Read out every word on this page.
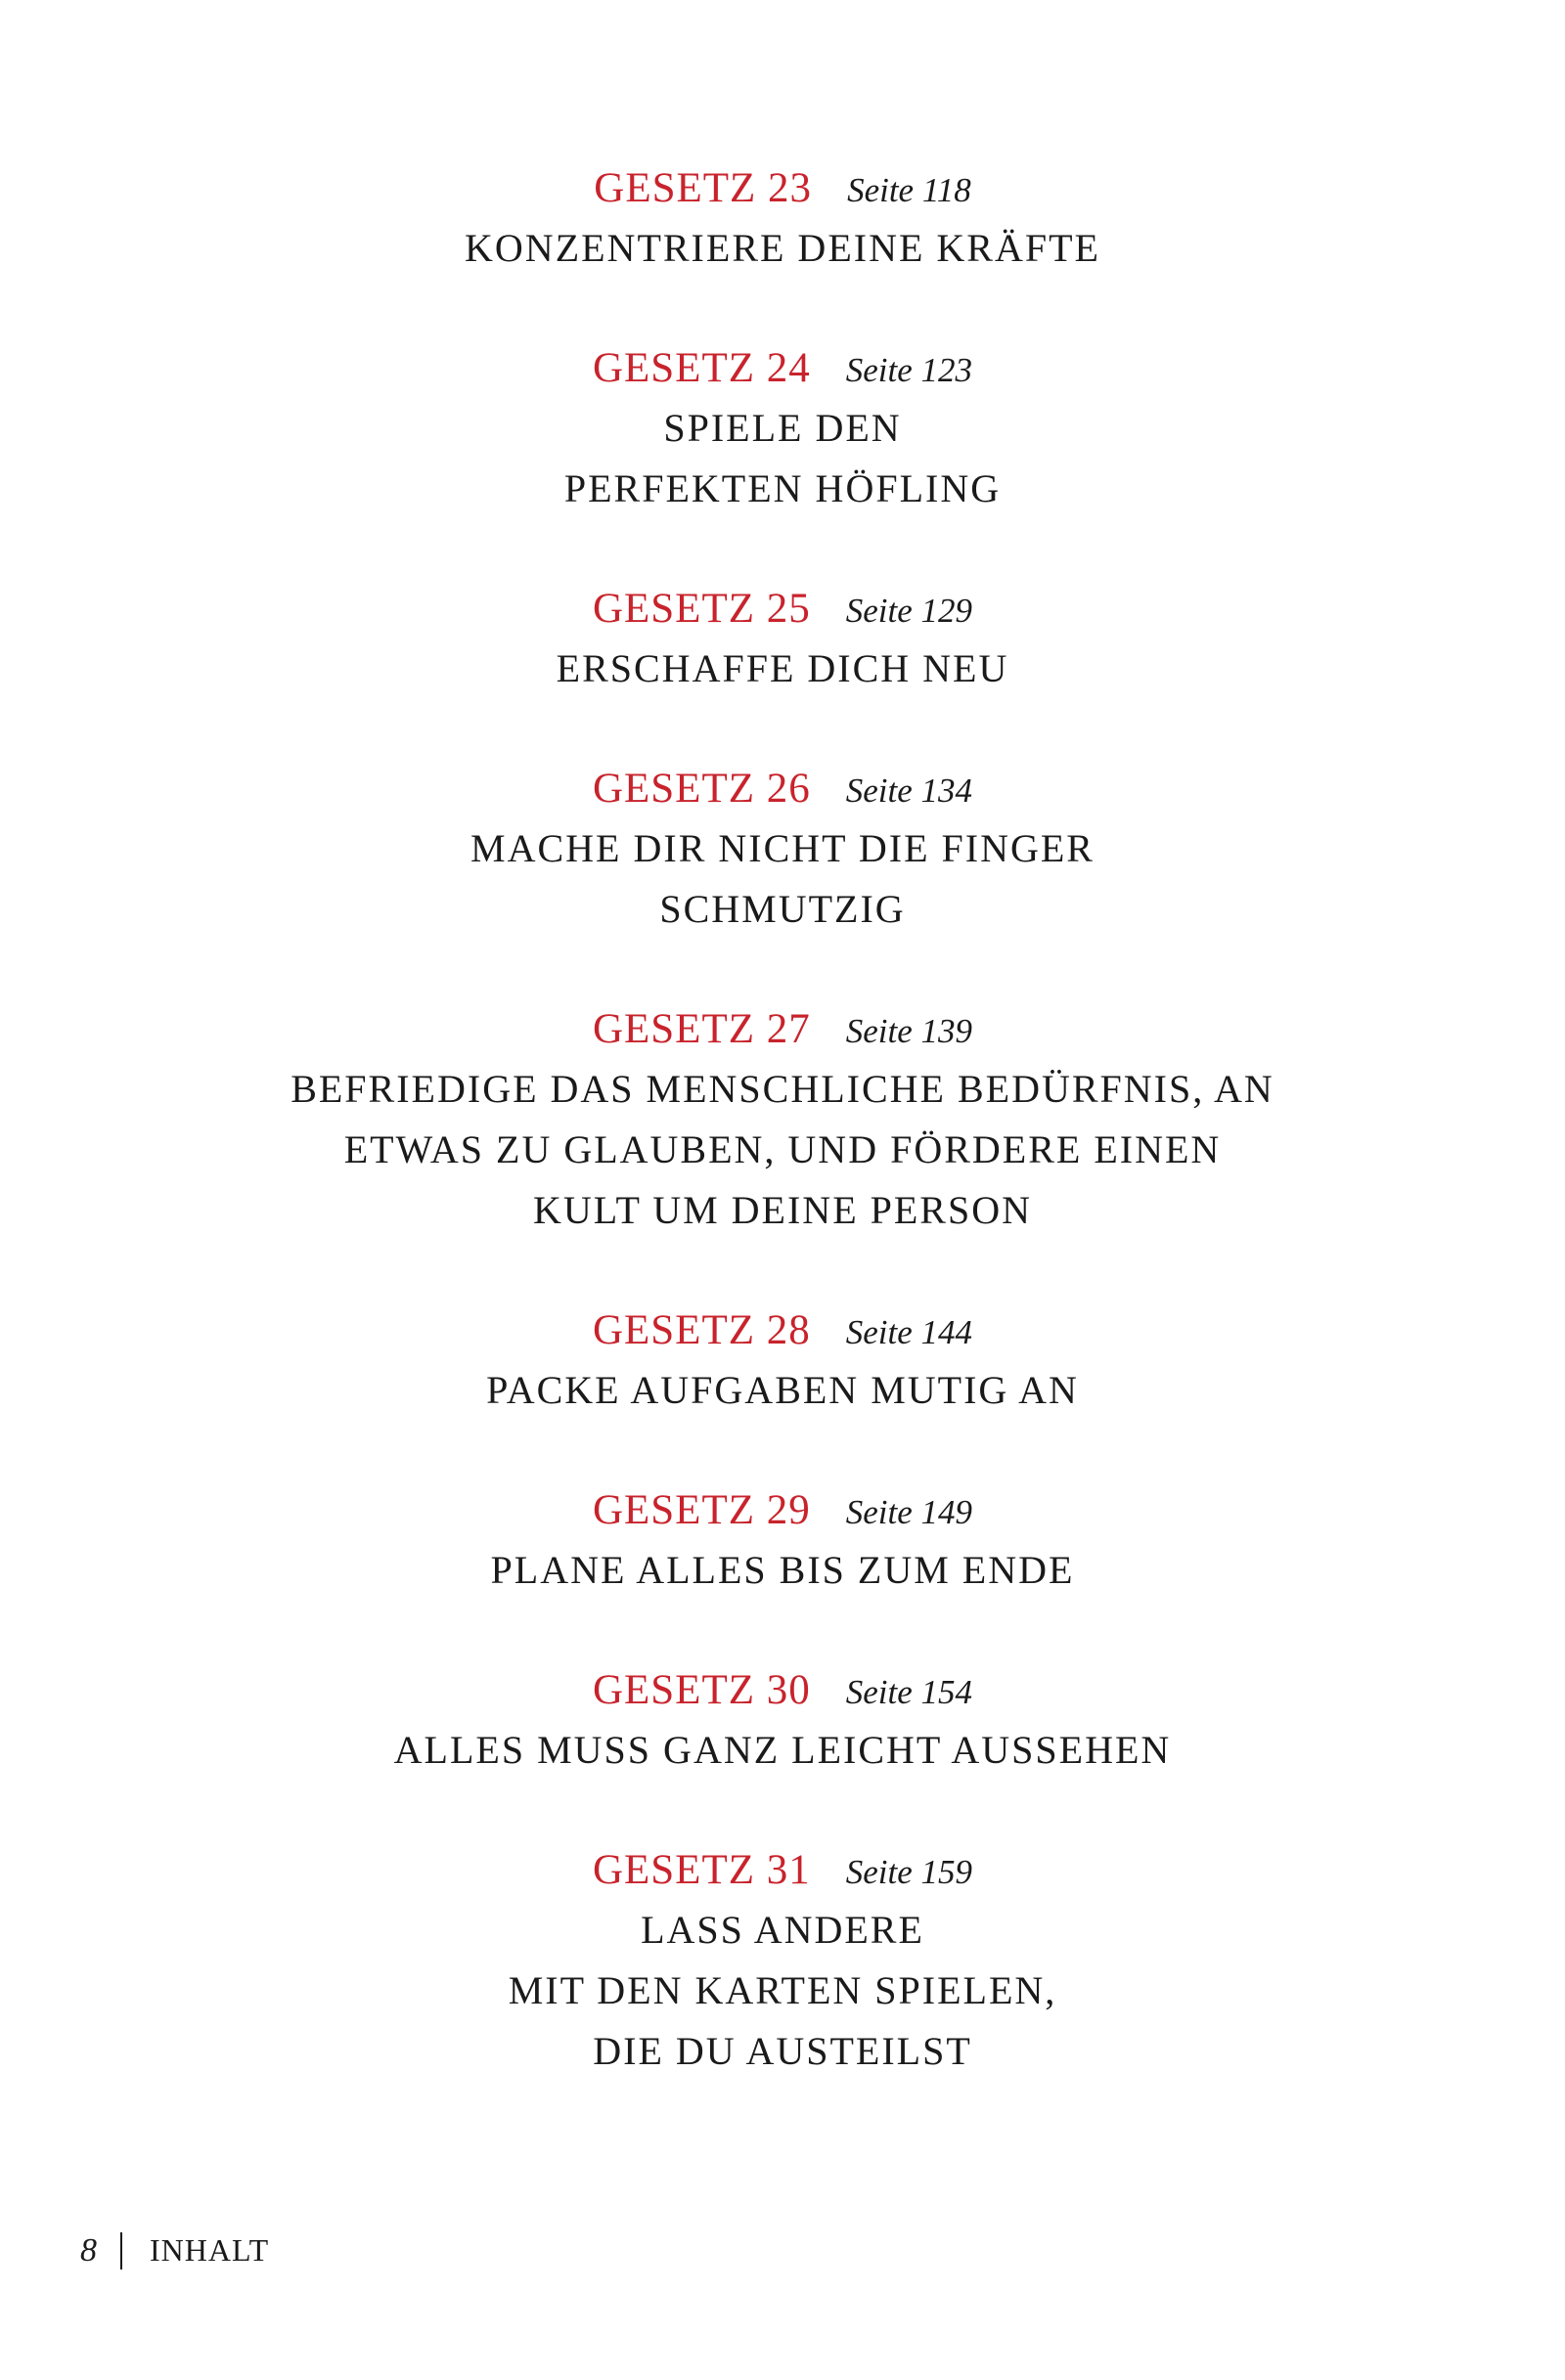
GESETZ 23 Seite 118
KONZENTRIERE DEINE KRÄFTE
GESETZ 24 Seite 123
SPIELE DEN
PERFEKTEN HÖFLING
GESETZ 25 Seite 129
ERSCHAFFE DICH NEU
GESETZ 26 Seite 134
MACHE DIR NICHT DIE FINGER
SCHMUTZIG
GESETZ 27 Seite 139
BEFRIEDIGE DAS MENSCHLICHE BEDÜRFNIS, AN
ETWAS ZU GLAUBEN, UND FÖRDERE EINEN
KULT UM DEINE PERSON
GESETZ 28 Seite 144
PACKE AUFGABEN MUTIG AN
GESETZ 29 Seite 149
PLANE ALLES BIS ZUM ENDE
GESETZ 30 Seite 154
ALLES MUSS GANZ LEICHT AUSSEHEN
GESETZ 31 Seite 159
LASS ANDERE
MIT DEN KARTEN SPIELEN,
DIE DU AUSTEILST
8 INHALT
